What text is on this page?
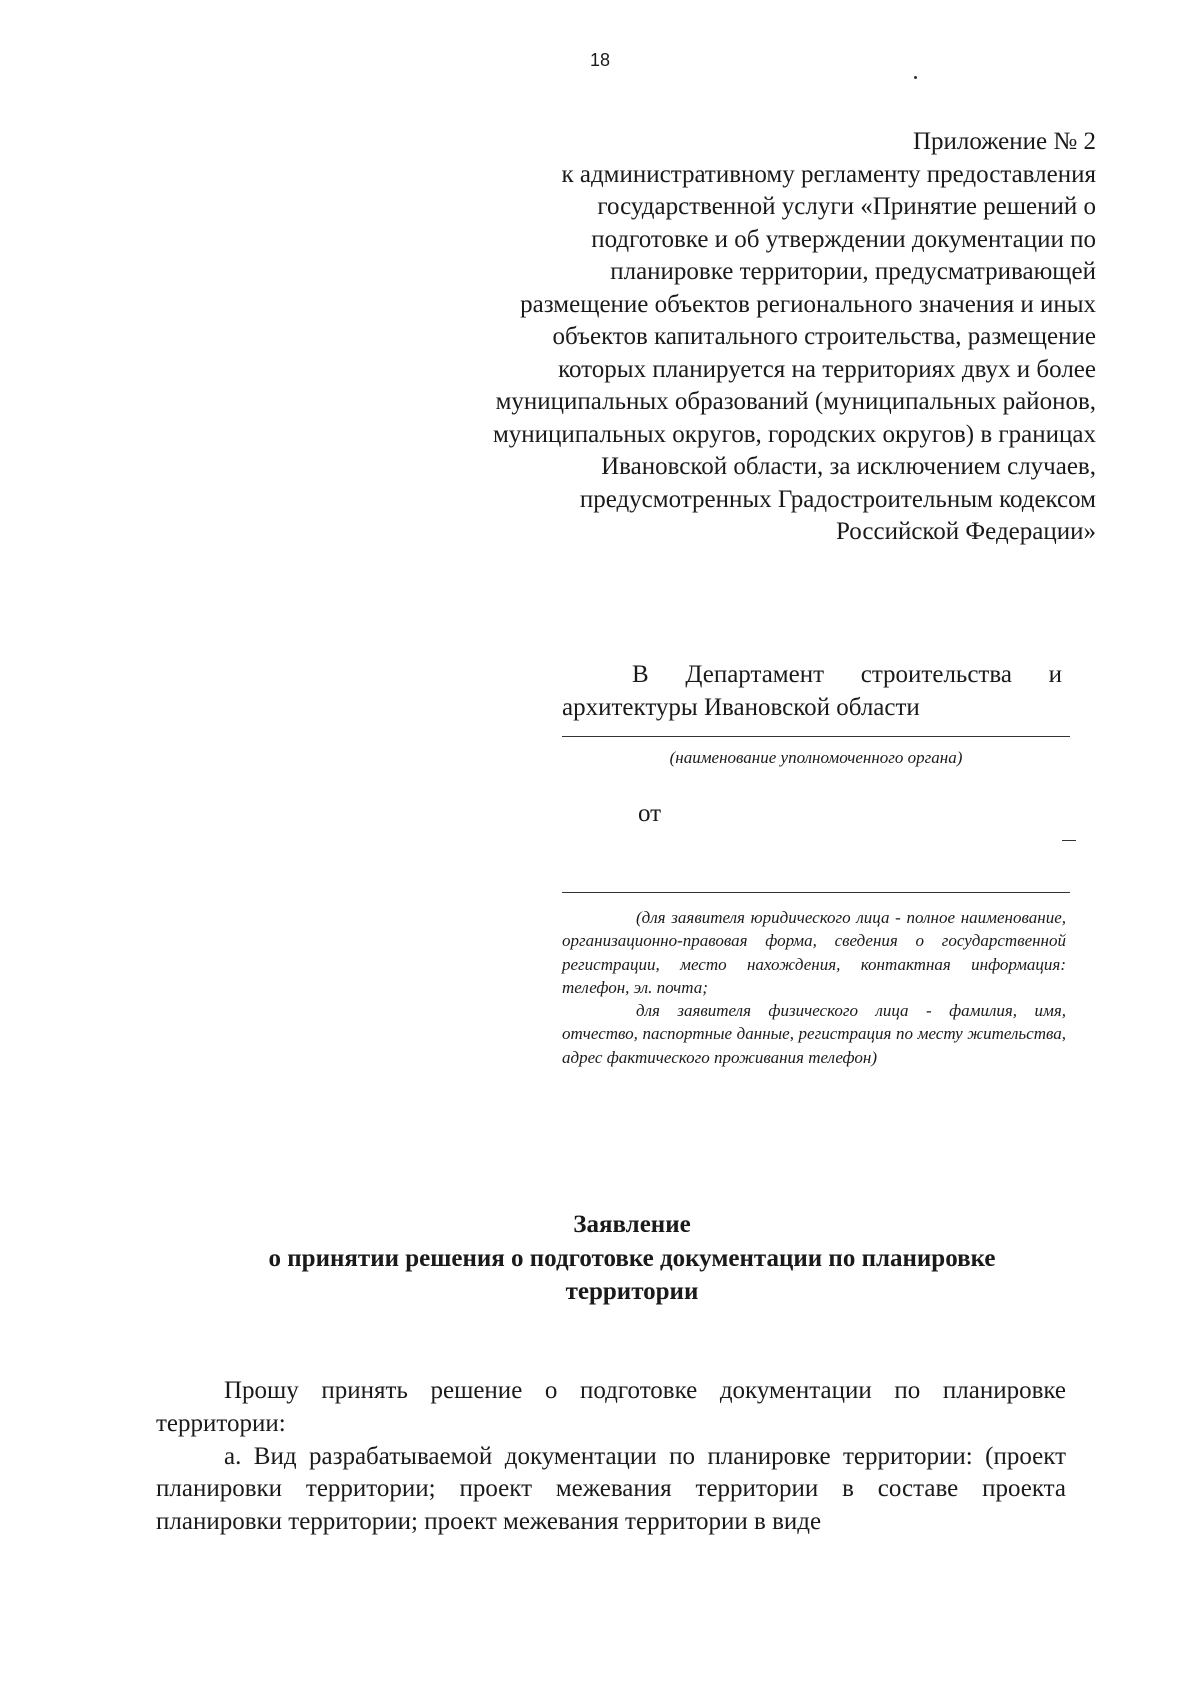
18
Приложение № 2
к административному регламенту предоставления
государственной услуги «Принятие решений о
подготовке и об утверждении документации по
планировке территории, предусматривающей
размещение объектов регионального значения и иных
объектов капитального строительства, размещение
которых планируется на территориях двух и более
муниципальных образований (муниципальных районов,
муниципальных округов, городских округов) в границах
Ивановской области, за исключением случаев,
предусмотренных Градостроительным кодексом
Российской Федерации»
В Департамент строительства и
архитектуры Ивановской области
(наименование уполномоченного органа)
от

(для заявителя юридического лица - полное наименование, организационно-правовая форма, сведения о государственной регистрации, место нахождения, контактная информация: телефон, эл. почта;

для заявителя физического лица - фамилия, имя, отчество, паспортные данные, регистрация по месту жительства, адрес фактического проживания телефон)

Заявление
о принятии решения о подготовке документации по планировке
территории

Прошу принять решение о подготовке документации по планировке территории:

а. Вид разрабатываемой документации по планировке территории: (проект планировки территории; проект межевания территории в составе проекта планировки территории; проект межевания территории в виде
